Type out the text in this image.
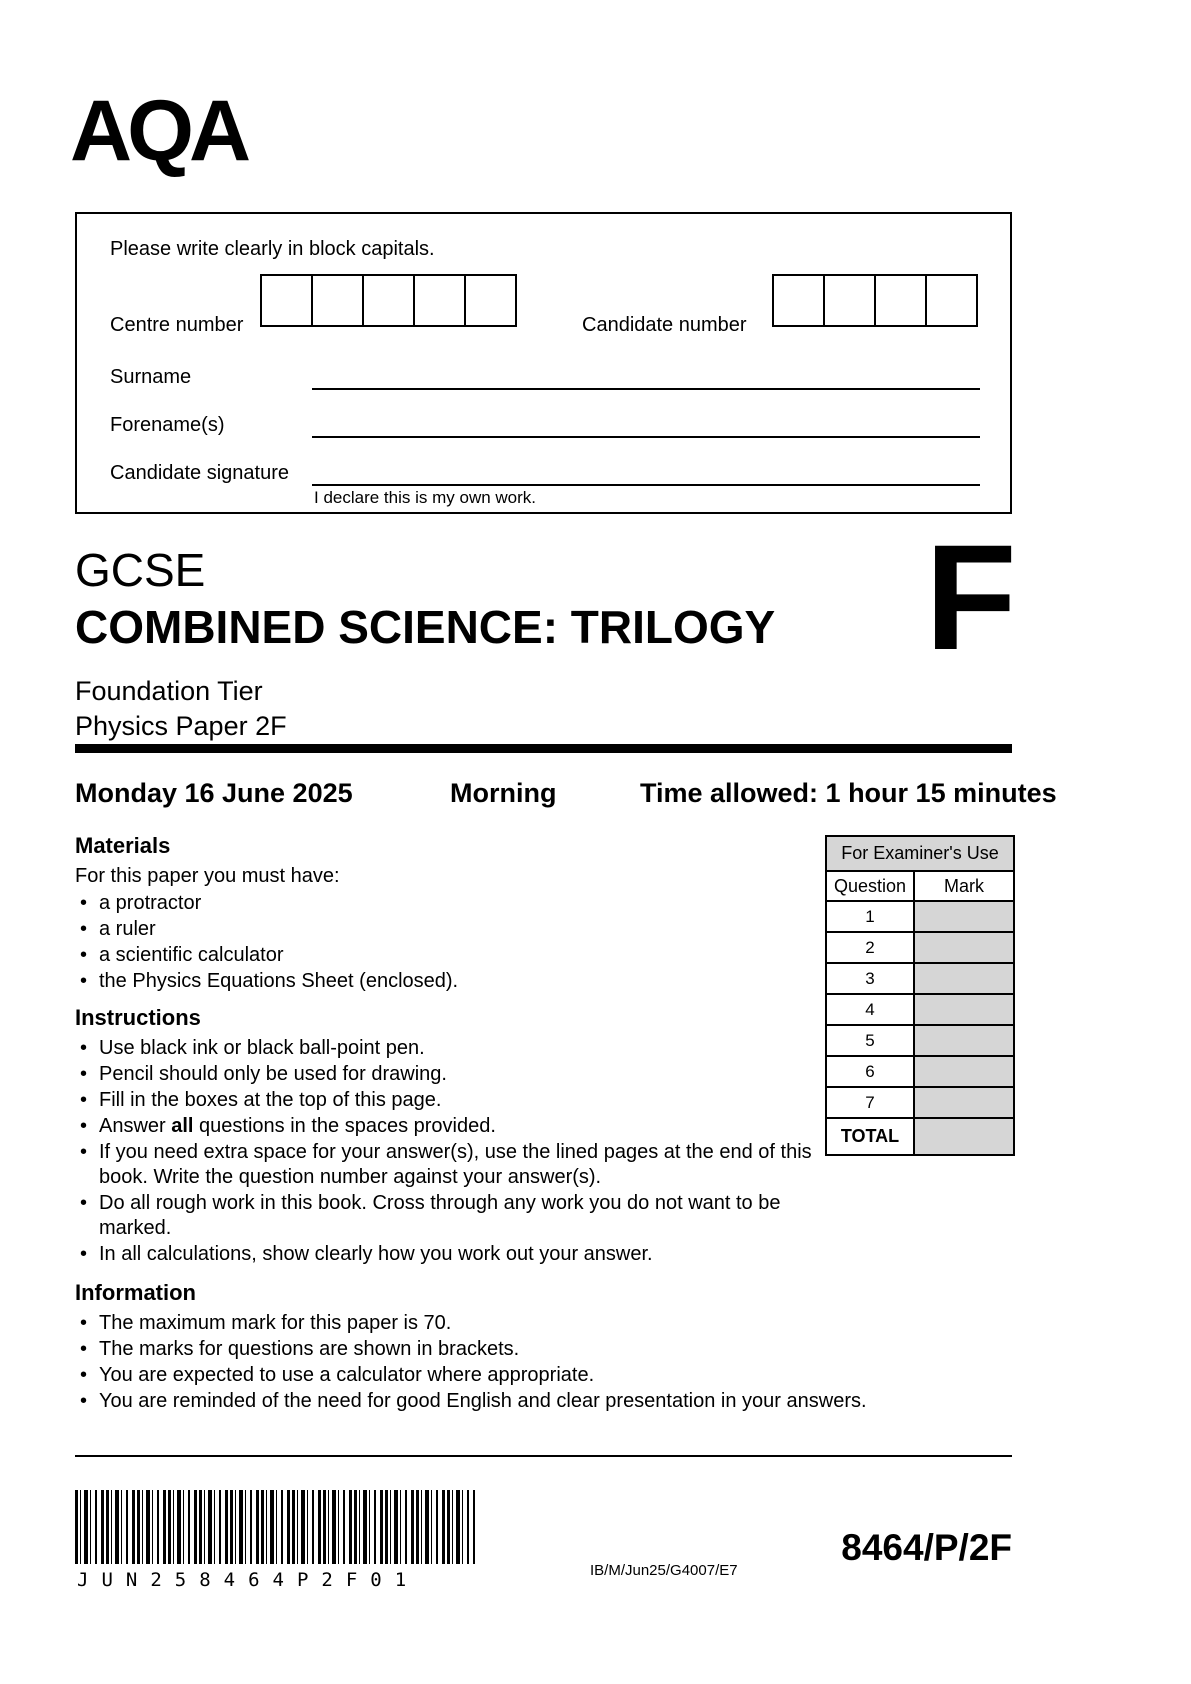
AQA
Please write clearly in block capitals.
Centre number	Candidate number
Surname
Forename(s)
Candidate signature
I declare this is my own work.
GCSE
COMBINED SCIENCE: TRILOGY F
Foundation Tier
Physics Paper 2F
Monday 16 June 2025	Morning	Time allowed: 1 hour 15 minutes
Materials
For this paper you must have:
• a protractor
• a ruler
• a scientific calculator
• the Physics Equations Sheet (enclosed).
For Examiner's Use	
Question	Mark
1	
2	
3	
4	
5	
6	
7	
TOTAL	
Instructions
• Use black ink or black ball-point pen.
• Pencil should only be used for drawing.
• Fill in the boxes at the top of this page.
• Answer all questions in the spaces provided.
• If you need extra space for your answer(s), use the lined pages at the end of this book. Write the question number against your answer(s).
• Do all rough work in this book. Cross through any work you do not want to be marked.
• In all calculations, show clearly how you work out your answer.
Information
• The maximum mark for this paper is 70.
• The marks for questions are shown in brackets.
• You are expected to use a calculator where appropriate.
• You are reminded of the need for good English and clear presentation in your answers.
JUN258464P2F01	IB/M/Jun25/G4007/E7
8464/P/2F
